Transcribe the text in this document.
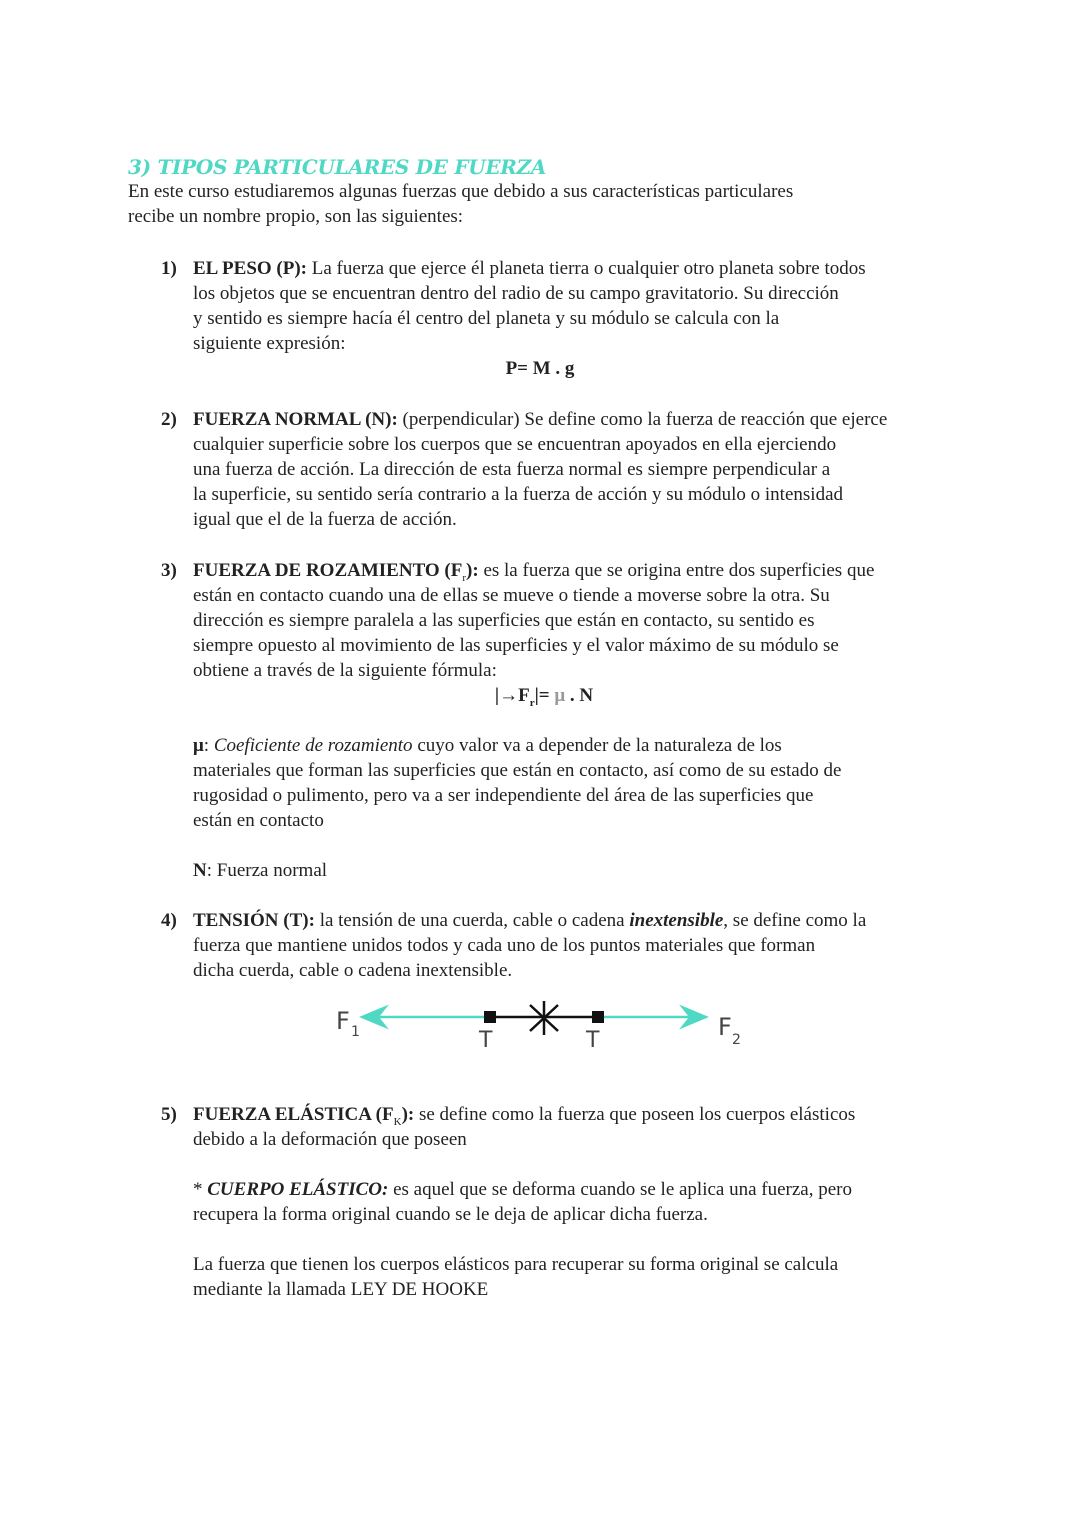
3) TIPOS PARTICULARES DE FUERZA
En este curso estudiaremos algunas fuerzas que debido a sus características particulares
recibe un nombre propio, son las siguientes:
1) EL PESO (P): La fuerza que ejerce él planeta tierra o cualquier otro planeta sobre todos
los objetos que se encuentran dentro del radio de su campo gravitatorio. Su dirección
y sentido es siempre hacía él centro del planeta y su módulo se calcula con la
siguiente expresión:
2) FUERZA NORMAL (N): (perpendicular) Se define como la fuerza de reacción que ejerce
cualquier superficie sobre los cuerpos que se encuentran apoyados en ella ejerciendo
una fuerza de acción. La dirección de esta fuerza normal es siempre perpendicular a
la superficie, su sentido sería contrario a la fuerza de acción y su módulo o intensidad
igual que el de la fuerza de acción.
3) FUERZA DE ROZAMIENTO $(F_r)$: es la fuerza que se origina entre dos superficies que
están en contacto cuando una de ellas se mueve o tiende a moverse sobre la otra. Su
dirección es siempre paralela a las superficies que están en contacto, su sentido es
siempre opuesto al movimiento de las superficies y el valor máximo de su módulo se
obtiene a través de la siguiente fórmula:
4) TENSIÓN (T): la tensión de una cuerda, cable o cadena inextensible, se define como la
fuerza que mantiene unidos todos y cada uno de los puntos materiales que forman
dicha cuerda, cable o cadena inextensible.
5) FUERZA ELÁSTICA $(F_K)$: se define como la fuerza que poseen los cuerpos elásticos
debido a la deformación que poseen
μ: Coeficiente de rozamiento cuyo valor va a depender de la naturaleza de los
materiales que forman las superficies que están en contacto, así como de su estado de
rugosidad o pulimento, pero va a ser independiente del área de las superficies que
están en contacto
N: Fuerza normal
* CUERPO ELÁSTICO: es aquel que se deforma cuando se le aplica una fuerza, pero
recupera la forma original cuando se le deja de aplicar dicha fuerza.
La fuerza que tienen los cuerpos elásticos para recuperar su forma original se calcula
mediante la llamada LEY DE HOOKE
P= M . g
$|\to F_r|= \mu$ . N
F 1	F 2
T	T
